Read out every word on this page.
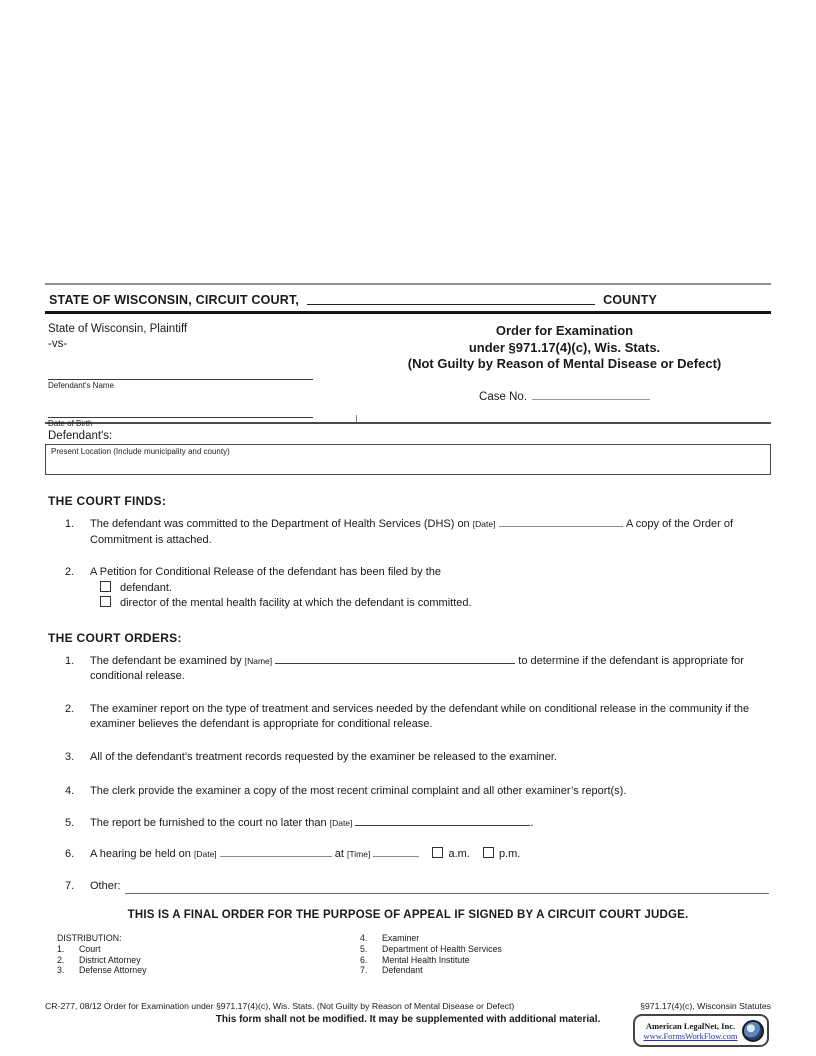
STATE OF WISCONSIN, CIRCUIT COURT,	COUNTY
State of Wisconsin, Plaintiff
-vs-
Defendant's Name
Date of Birth
Order for Examination
under §971.17(4)(c), Wis. Stats.
(Not Guilty by Reason of Mental Disease or Defect)
Case No.
Defendant's:
Present Location (Include municipality and county)
THE COURT FINDS:
1.	The defendant was committed to the Department of Health Services (DHS) on [Date]	. A copy of the Order of Commitment is attached.
2.	A Petition for Conditional Release of the defendant has been filed by the
defendant.
director of the mental health facility at which the defendant is committed.
THE COURT ORDERS:
1.	The defendant be examined by [Name]	to determine if the defendant is appropriate for conditional release.
2.	The examiner report on the type of treatment and services needed by the defendant while on conditional release in the community if the examiner believes the defendant is appropriate for conditional release.
3.	All of the defendant’s treatment records requested by the examiner be released to the examiner.
4.	The clerk provide the examiner a copy of the most recent criminal complaint and all other examiner’s report(s).
5.	The report be furnished to the court no later than [Date]	.
6.	A hearing be held on [Date]	at [Time]	a.m.	p.m.
7.	Other:
THIS IS A FINAL ORDER FOR THE PURPOSE OF APPEAL IF SIGNED BY A CIRCUIT COURT JUDGE.
DISTRIBUTION:
1.	Court
2.	District Attorney
3.	Defense Attorney
4.	Examiner
5.	Department of Health Services
6.	Mental Health Institute
7.	Defendant
CR-277, 08/12 Order for Examination under §971.17(4)(c), Wis. Stats. (Not Guilty by Reason of Mental Disease or Defect)	§971.17(4)(c), Wisconsin Statutes
This form shall not be modified. It may be supplemented with additional material.
American LegalNet, Inc.
www.FormsWorkFlow.com
